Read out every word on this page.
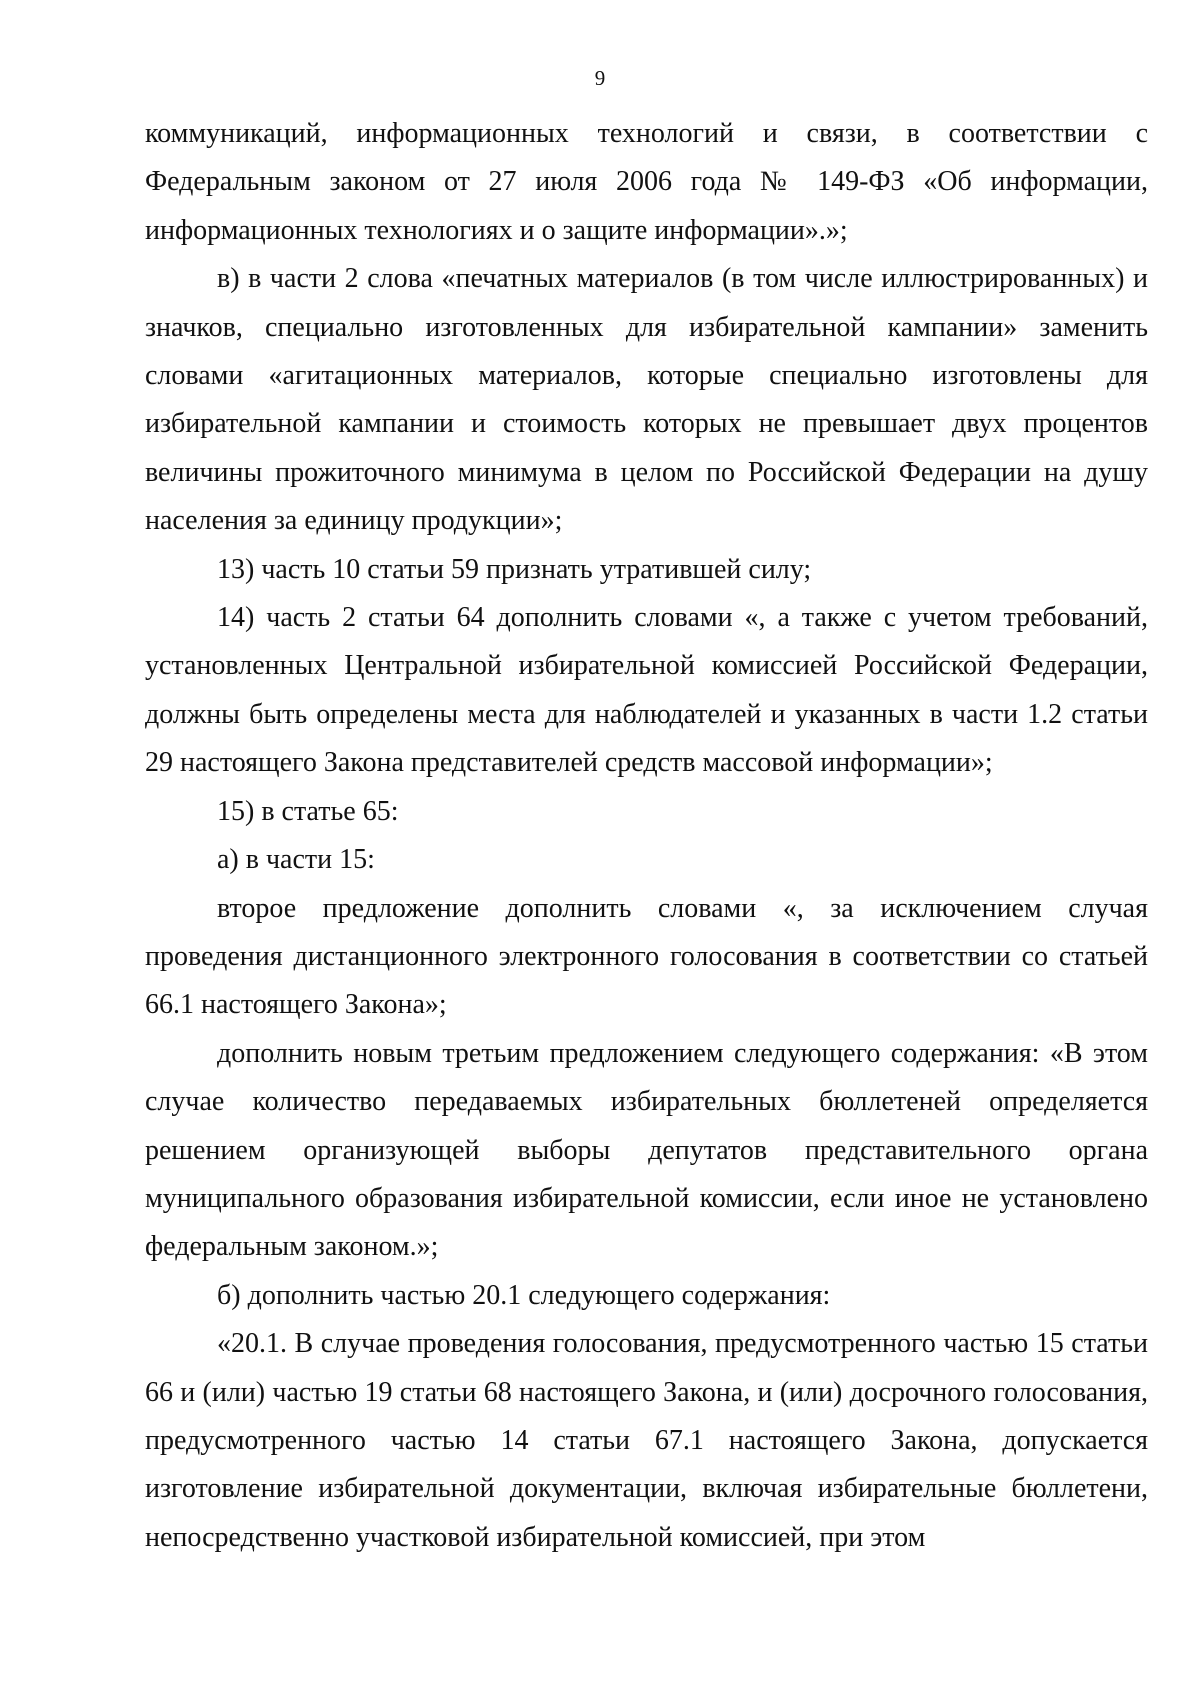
9

коммуникаций, информационных технологий и связи, в соответствии с Федеральным законом от 27 июля 2006 года № 149-ФЗ «Об информации, информационных технологиях и о защите информации».»;

в) в части 2 слова «печатных материалов (в том числе иллюстрированных) и значков, специально изготовленных для избирательной кампании» заменить словами «агитационных материалов, которые специально изготовлены для избирательной кампании и стоимость которых не превышает двух процентов величины прожиточного минимума в целом по Российской Федерации на душу населения за единицу продукции»;

13) часть 10 статьи 59 признать утратившей силу;

14) часть 2 статьи 64 дополнить словами «, а также с учетом требований, установленных Центральной избирательной комиссией Российской Федерации, должны быть определены места для наблюдателей и указанных в части 1.2 статьи 29 настоящего Закона представителей средств массовой информации»;

15) в статье 65:

а) в части 15:

второе предложение дополнить словами «, за исключением случая проведения дистанционного электронного голосования в соответствии со статьей 66.1 настоящего Закона»;

дополнить новым третьим предложением следующего содержания: «В этом случае количество передаваемых избирательных бюллетеней определяется решением организующей выборы депутатов представительного органа муниципального образования избирательной комиссии, если иное не установлено федеральным законом.»;

б) дополнить частью 20.1 следующего содержания:

«20.1. В случае проведения голосования, предусмотренного частью 15 статьи 66 и (или) частью 19 статьи 68 настоящего Закона, и (или) досрочного голосования, предусмотренного частью 14 статьи 67.1 настоящего Закона, допускается изготовление избирательной документации, включая избирательные бюллетени, непосредственно участковой избирательной комиссией, при этом
